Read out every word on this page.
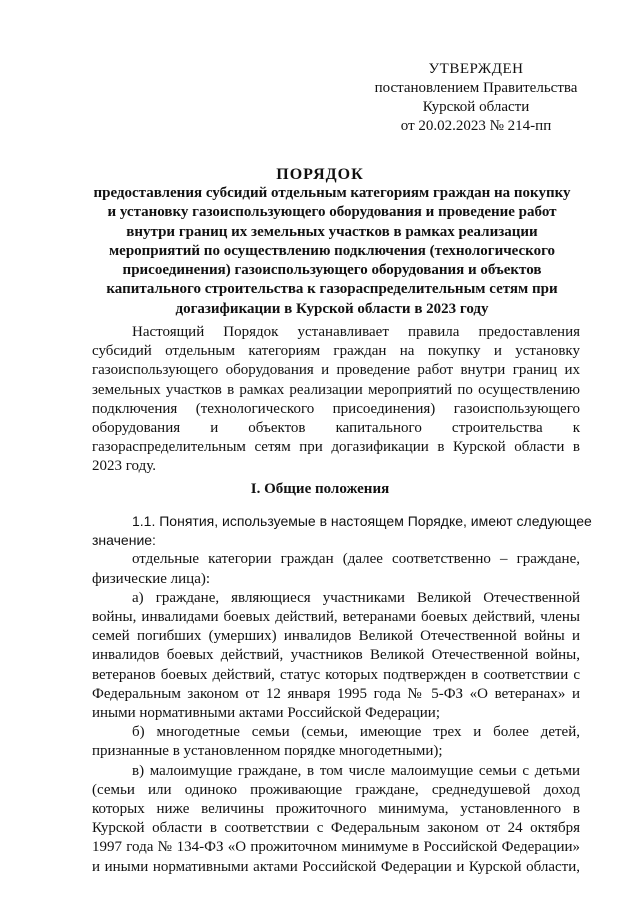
УТВЕРЖДЕН
постановлением Правительства
Курской области
от 20.02.2023 № 214-пп
ПОРЯДОК
предоставления субсидий отдельным категориям граждан на покупку
и установку газоиспользующего оборудования и проведение работ
внутри границ их земельных участков в рамках реализации
мероприятий по осуществлению подключения (технологического
присоединения) газоиспользующего оборудования и объектов
капитального строительства к газораспределительным сетям при
догазификации в Курской области в 2023 году
Настоящий Порядок устанавливает правила предоставления
субсидий отдельным категориям граждан на покупку и установку
газоиспользующего оборудования и проведение работ внутри границ их
земельных участков в рамках реализации мероприятий по осуществлению
подключения (технологического присоединения) газоиспользующего
оборудования и объектов капитального строительства к
газораспределительным сетям при догазификации в Курской области в
2023 году.
I. Общие положения
1.1. Понятия, используемые в настоящем Порядке, имеют следующее
значение:
отдельные категории граждан (далее соответственно – граждане,
физические лица):
а) граждане, являющиеся участниками Великой Отечественной
войны, инвалидами боевых действий, ветеранами боевых действий, члены
семей погибших (умерших) инвалидов Великой Отечественной войны и
инвалидов боевых действий, участников Великой Отечественной войны,
ветеранов боевых действий, статус которых подтвержден в соответствии с
Федеральным законом от 12 января 1995 года № 5-ФЗ «О ветеранах» и
иными нормативными актами Российской Федерации;
б) многодетные семьи (семьи, имеющие трех и более детей,
признанные в установленном порядке многодетными);
в) малоимущие граждане, в том числе малоимущие семьи с детьми
(семьи или одиноко проживающие граждане, среднедушевой доход
которых ниже величины прожиточного минимума, установленного в
Курской области в соответствии с Федеральным законом от 24 октября
1997 года № 134-ФЗ «О прожиточном минимуме в Российской Федерации»
и иными нормативными актами Российской Федерации и Курской области,
